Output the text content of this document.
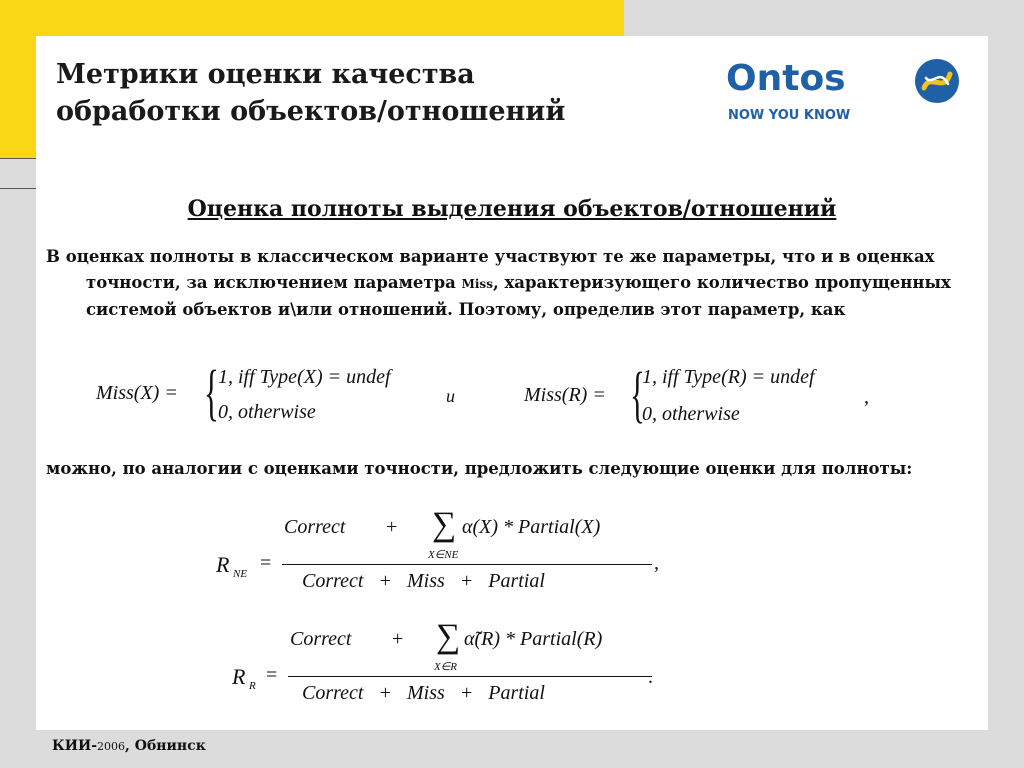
Метрики оценки качества
обработки объектов/отношений
Ontos
NOW YOU KNOW
Оценка полноты выделения объектов/отношений

В оценках полноты в классическом варианте участвуют те же параметры, что и в оценках точности, за исключением параметра Miss, характеризующего количество пропущенных системой объектов и\или отношений. Поэтому, определив этот параметр, как

Miss(X) = { 1, iff Type(X) = undef
0, otherwise
и	Miss(R) = {
1, iff Type(R) = undef
0, otherwise
,

можно, по аналогии с оценками точности, предложить следующие оценки для полноты:

R NE =
Correct + ∑
X∈NE
α(X) * Partial(X)
Correct   +   Miss   +   Partial
,
R R =
Correct + ∑
X∈R
α̃(R) * Partial(R)
Correct   +   Miss   +   Partial
.
КИИ-2006, Обнинск
